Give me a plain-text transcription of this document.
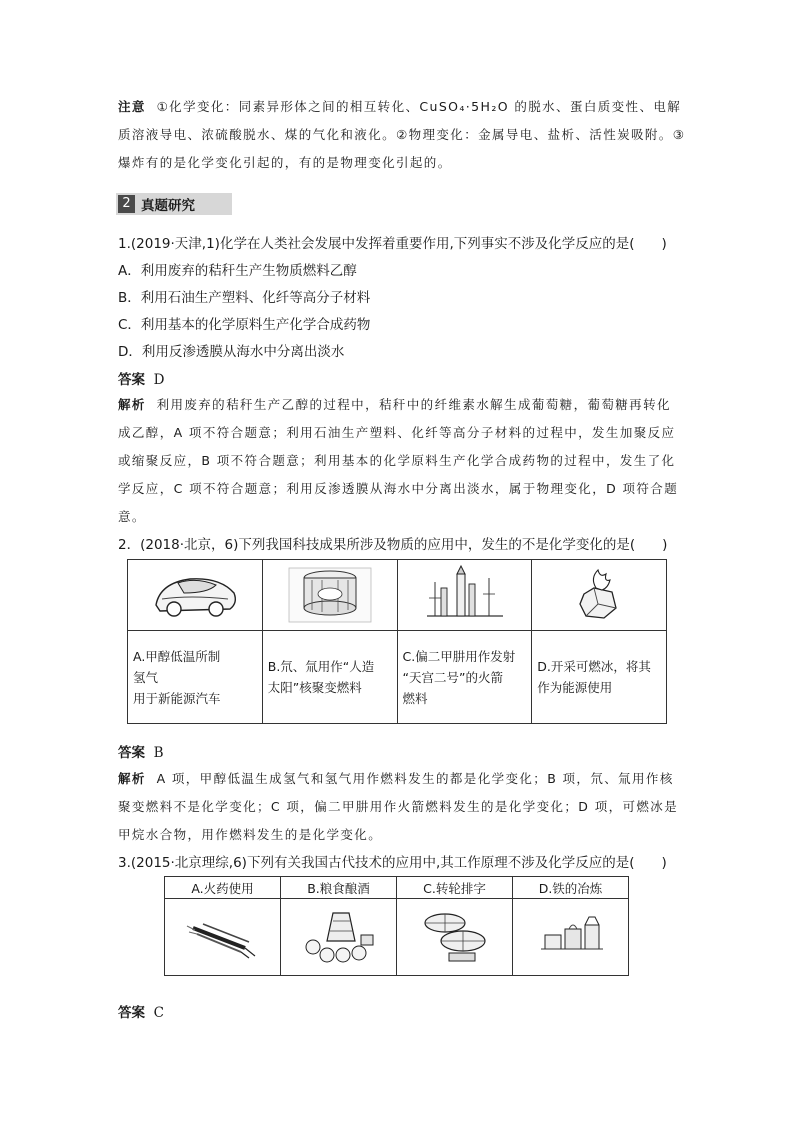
注意 ①化学变化：同素异形体之间的相互转化、CuSO₄·5H₂O 的脱水、蛋白质变性、电解
质溶液导电、浓硫酸脱水、煤的气化和液化。②物理变化：金属导电、盐析、活性炭吸附。③
爆炸有的是化学变化引起的，有的是物理变化引起的。
2 真题研究
1.(2019·天津,1)化学在人类社会发展中发挥着重要作用,下列事实不涉及化学反应的是(　　)
A．利用废弃的秸秆生产生物质燃料乙醇
B．利用石油生产塑料、化纤等高分子材料
C．利用基本的化学原料生产化学合成药物
D．利用反渗透膜从海水中分离出淡水
答案 D
解析 利用废弃的秸秆生产乙醇的过程中，秸秆中的纤维素水解生成葡萄糖，葡萄糖再转化
成乙醇，A 项不符合题意；利用石油生产塑料、化纤等高分子材料的过程中，发生加聚反应
或缩聚反应，B 项不符合题意；利用基本的化学原料生产化学合成药物的过程中，发生了化
学反应，C 项不符合题意；利用反渗透膜从海水中分离出淡水，属于物理变化，D 项符合题
意。
2．(2018·北京，6)下列我国科技成果所涉及物质的应用中，发生的不是化学变化的是(　　)

A.甲醇低温所制
氢气
用于新能源汽车	B.氘、氚用作“人造
太阳”核聚变燃料	C.偏二甲肼用作发射
“天宫二号”的火箭
燃料	D.开采可燃冰，将其
作为能源使用
答案 B
解析 A 项，甲醇低温生成氢气和氢气用作燃料发生的都是化学变化；B 项，氘、氚用作核
聚变燃料不是化学变化；C 项，偏二甲肼用作火箭燃料发生的是化学变化；D 项，可燃冰是
甲烷水合物，用作燃料发生的是化学变化。
3.(2015·北京理综,6)下列有关我国古代技术的应用中,其工作原理不涉及化学反应的是(　　)
A.火药使用	B.粮食酿酒	C.转轮排字	D.铁的冶炼

答案 C
